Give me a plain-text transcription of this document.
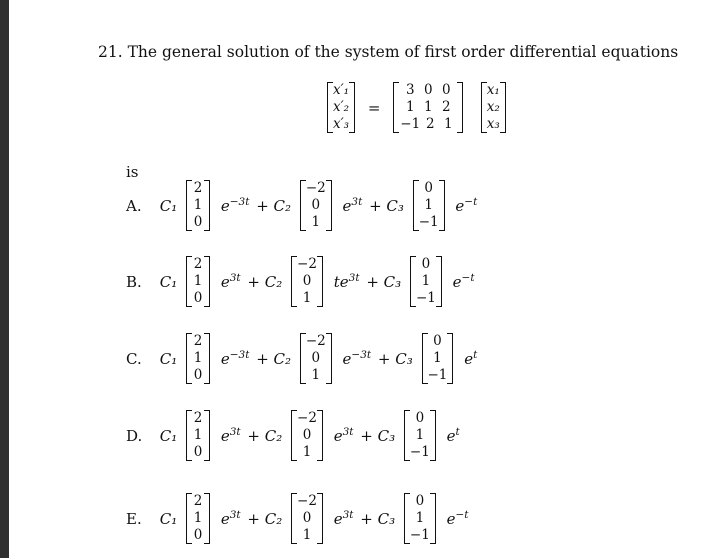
21. The general solution of the system of first order differential equations
x′₁
x′₂
x′₃
=
3 0 0
1 1 2
−1 2 1

x₁
x₂
x₃
is
A. C₁
2
1
0
$e^{-3t} + C_2$
−2
0
1
$e^{3t} + C_3$
0
1
−1
$e^{-t}$
B. C₁
2
1
0
$e^{3t} + C_2$
−2
0
1
$te^{3t} + C_3$
0
1
−1
$e^{-t}$
C. C₁
2
1
0
$e^{-3t} + C_2$
−2
0
1
$e^{-3t} + C_3$
0
1
−1
$e^t$
D. C₁
2
1
0
$e^{3t} + C_2$
−2
0
1
$e^{3t} + C_3$
0
1
−1
$e^t$
E. C₁
2
1
0
$e^{3t} + C_2$
−2
0
1
$e^{3t} + C_3$
0
1
−1
$e^{-t}$
